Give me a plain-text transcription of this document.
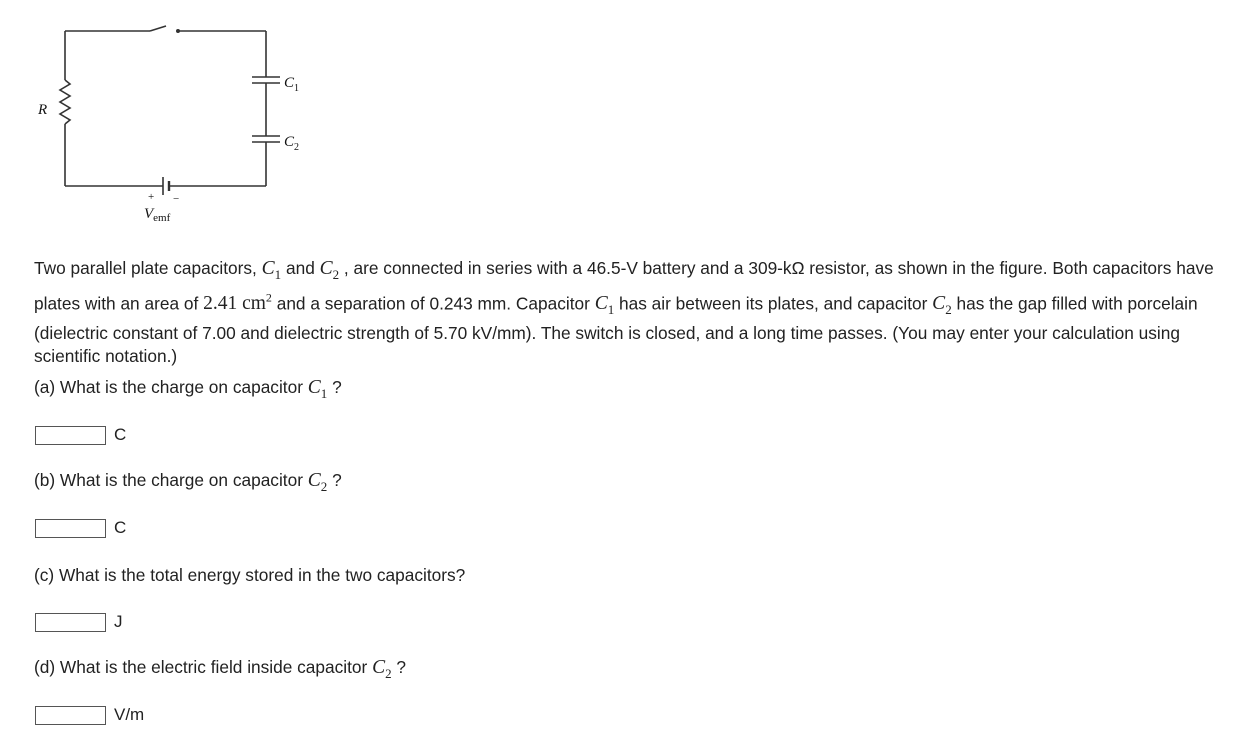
R
$C_1$
$C_2$
+ −
$V_{emf}$

Two parallel plate capacitors, $C_1$ and $C_2$ , are connected in series with a 46.5-V battery and a 309-kΩ resistor, as shown in the figure. Both capacitors have plates with an area of 2.41 $cm^2$ and a separation of 0.243 mm. Capacitor $C_1$ has air between its plates, and capacitor $C_2$ has the gap filled with porcelain (dielectric constant of 7.00 and dielectric strength of 5.70 kV/mm). The switch is closed, and a long time passes. (You may enter your calculation using scientific notation.)

(a) What is the charge on capacitor $C_1$ ?
C
(b) What is the charge on capacitor $C_2$ ?
C
(c) What is the total energy stored in the two capacitors?
J
(d) What is the electric field inside capacitor $C_2$ ?
V/m
